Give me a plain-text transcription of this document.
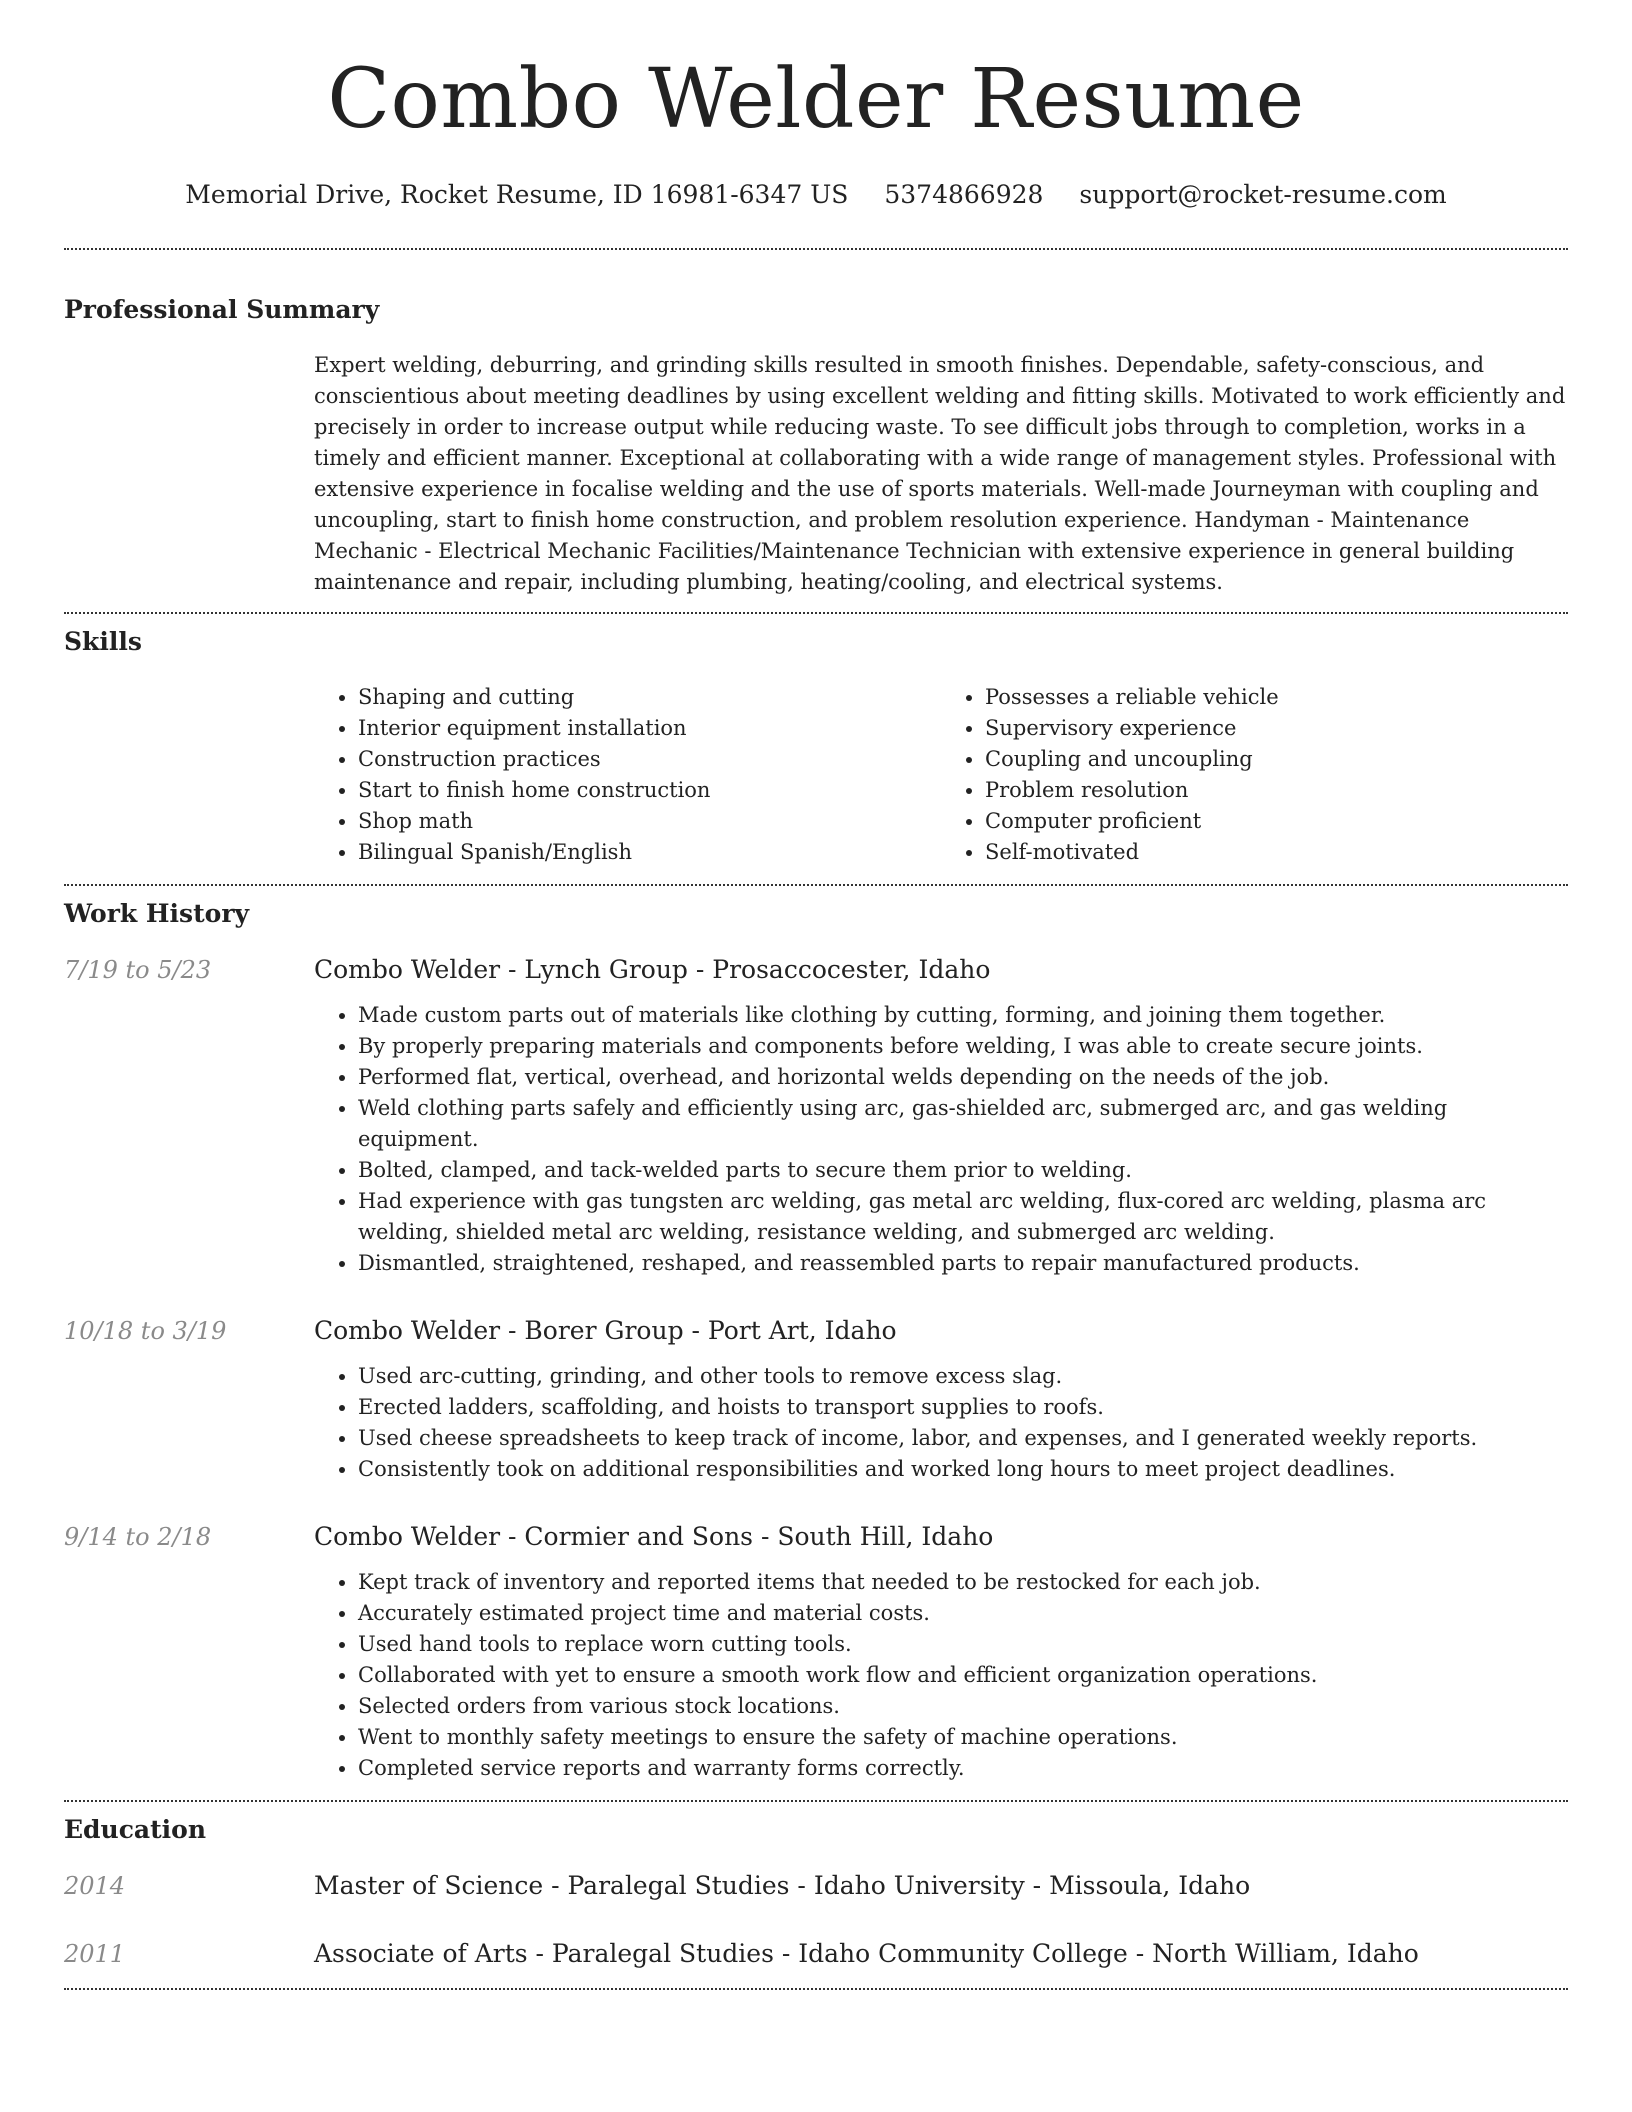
Combo Welder Resume
Memorial Drive, Rocket Resume, ID 16981-6347 US 5374866928 support@rocket-resume.com
Professional Summary
Expert welding, deburring, and grinding skills resulted in smooth finishes. Dependable, safety-conscious, and conscientious about meeting deadlines by using excellent welding and fitting skills. Motivated to work efficiently and precisely in order to increase output while reducing waste. To see difficult jobs through to completion, works in a timely and efficient manner. Exceptional at collaborating with a wide range of management styles. Professional with extensive experience in focalise welding and the use of sports materials. Well-made Journeyman with coupling and uncoupling, start to finish home construction, and problem resolution experience. Handyman - Maintenance Mechanic - Electrical Mechanic Facilities/Maintenance Technician with extensive experience in general building maintenance and repair, including plumbing, heating/cooling, and electrical systems.
Skills
• Shaping and cutting
• Interior equipment installation
• Construction practices
• Start to finish home construction
• Shop math
• Bilingual Spanish/English
• Possesses a reliable vehicle
• Supervisory experience
• Coupling and uncoupling
• Problem resolution
• Computer proficient
• Self-motivated
Work History
7/19 to 5/23	Combo Welder - Lynch Group - Prosaccocester, Idaho
• Made custom parts out of materials like clothing by cutting, forming, and joining them together.
• By properly preparing materials and components before welding, I was able to create secure joints.
• Performed flat, vertical, overhead, and horizontal welds depending on the needs of the job.
• Weld clothing parts safely and efficiently using arc, gas-shielded arc, submerged arc, and gas welding equipment.
• Bolted, clamped, and tack-welded parts to secure them prior to welding.
• Had experience with gas tungsten arc welding, gas metal arc welding, flux-cored arc welding, plasma arc welding, shielded metal arc welding, resistance welding, and submerged arc welding.
• Dismantled, straightened, reshaped, and reassembled parts to repair manufactured products.
10/18 to 3/19	Combo Welder - Borer Group - Port Art, Idaho
• Used arc-cutting, grinding, and other tools to remove excess slag.
• Erected ladders, scaffolding, and hoists to transport supplies to roofs.
• Used cheese spreadsheets to keep track of income, labor, and expenses, and I generated weekly reports.
• Consistently took on additional responsibilities and worked long hours to meet project deadlines.
9/14 to 2/18	Combo Welder - Cormier and Sons - South Hill, Idaho
• Kept track of inventory and reported items that needed to be restocked for each job.
• Accurately estimated project time and material costs.
• Used hand tools to replace worn cutting tools.
• Collaborated with yet to ensure a smooth work flow and efficient organization operations.
• Selected orders from various stock locations.
• Went to monthly safety meetings to ensure the safety of machine operations.
• Completed service reports and warranty forms correctly.
Education
2014	Master of Science - Paralegal Studies - Idaho University - Missoula, Idaho
2011	Associate of Arts - Paralegal Studies - Idaho Community College - North William, Idaho
